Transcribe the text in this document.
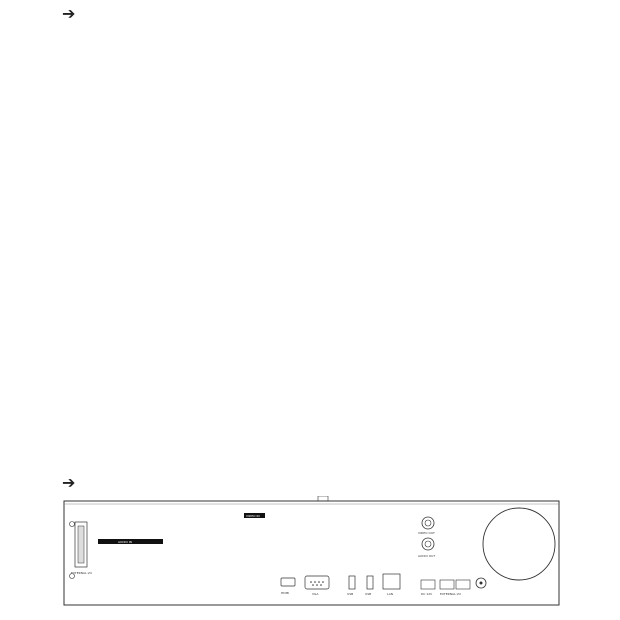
➔
➔
EXTERNAL I/O
VIDEO IN
AUDIO IN
VIDEO OUT
AUDIO OUT
HDMI	VGA	USB	USB	LAN	EXTERNAL I/O
DC 12V
